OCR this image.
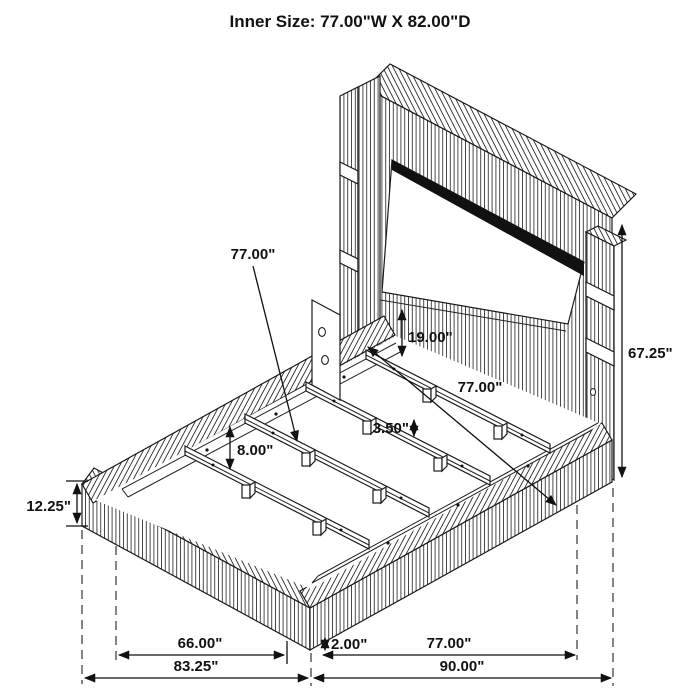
Inner Size: 77.00"W X 82.00"D
77.00"
19.00"
67.25"
77.00"
3.50"
8.00"
12.25"
66.00"
83.25"
2.00"	77.00"
90.00"
